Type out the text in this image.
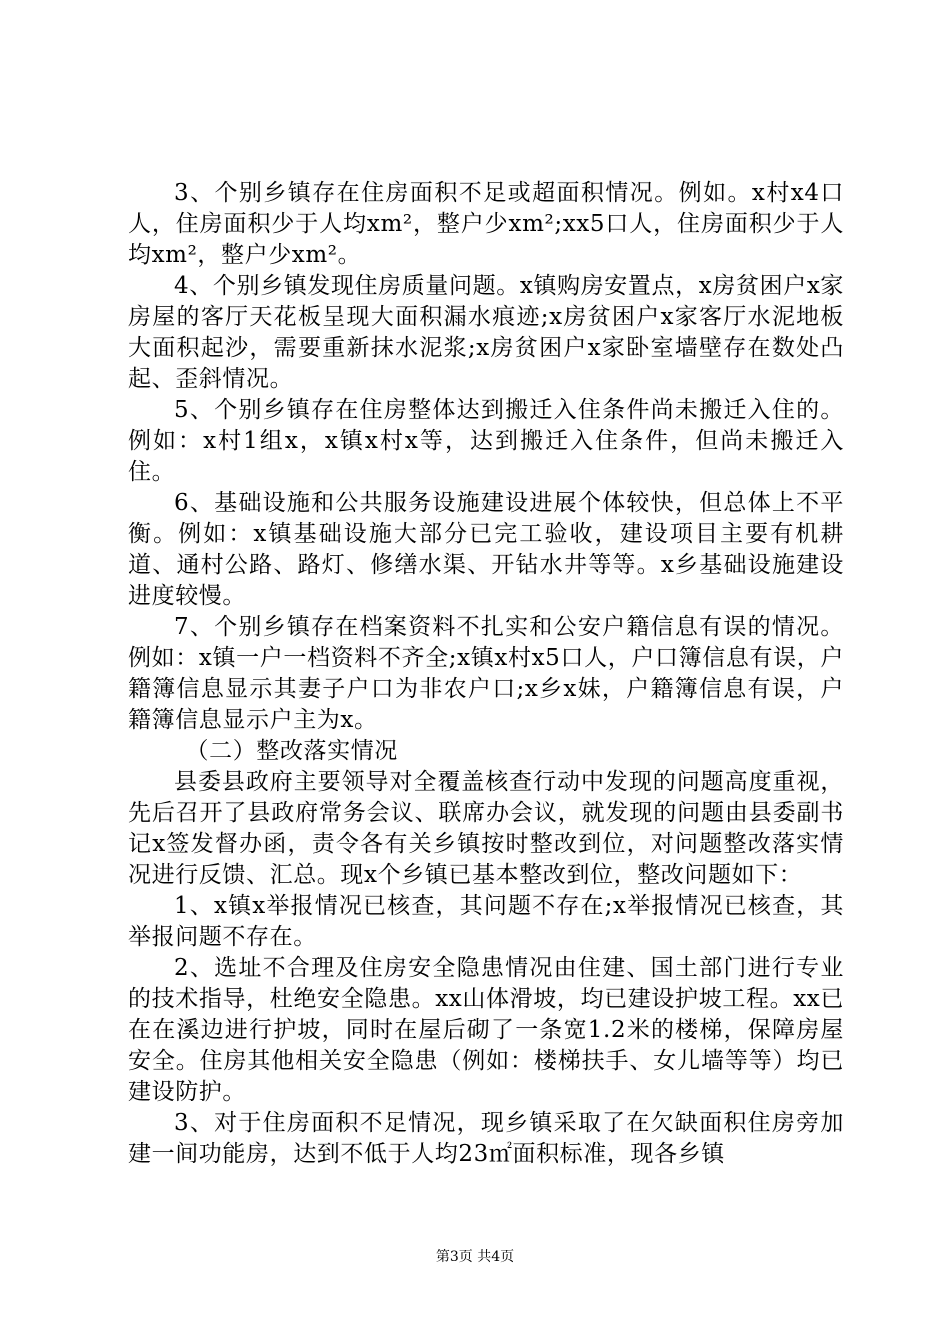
3、个别乡镇存在住房面积不足或超面积情况。例如。x村x4口人，住房面积少于人均xm²，整户少xm²;xx5口人，住房面积少于人均xm²，整户少xm²。

4、个别乡镇发现住房质量问题。x镇购房安置点，x房贫困户x家房屋的客厅天花板呈现大面积漏水痕迹;x房贫困户x家客厅水泥地板大面积起沙，需要重新抹水泥浆;x房贫困户x家卧室墙壁存在数处凸起、歪斜情况。

5、个别乡镇存在住房整体达到搬迁入住条件尚未搬迁入住的。例如：x村1组x，x镇x村x等，达到搬迁入住条件，但尚未搬迁入住。

6、基础设施和公共服务设施建设进展个体较快，但总体上不平衡。例如：x镇基础设施大部分已完工验收，建设项目主要有机耕道、通村公路、路灯、修缮水渠、开钻水井等等。x乡基础设施建设进度较慢。

7、个别乡镇存在档案资料不扎实和公安户籍信息有误的情况。例如：x镇一户一档资料不齐全;x镇x村x5口人，户口簿信息有误，户籍簿信息显示其妻子户口为非农户口;x乡x妹，户籍簿信息有误，户籍簿信息显示户主为x。

（二）整改落实情况

县委县政府主要领导对全覆盖核查行动中发现的问题高度重视，先后召开了县政府常务会议、联席办会议，就发现的问题由县委副书记x签发督办函，责令各有关乡镇按时整改到位，对问题整改落实情况进行反馈、汇总。现x个乡镇已基本整改到位，整改问题如下：

1、x镇x举报情况已核查，其问题不存在;x举报情况已核查，其举报问题不存在。

2、选址不合理及住房安全隐患情况由住建、国土部门进行专业的技术指导，杜绝安全隐患。xx山体滑坡，均已建设护坡工程。xx已在在溪边进行护坡，同时在屋后砌了一条宽1.2米的楼梯，保障房屋安全。住房其他相关安全隐患（例如：楼梯扶手、女儿墙等等）均已建设防护。

3、对于住房面积不足情况，现乡镇采取了在欠缺面积住房旁加建一间功能房，达到不低于人均23㎡面积标准，现各乡镇

第3页 共4页
